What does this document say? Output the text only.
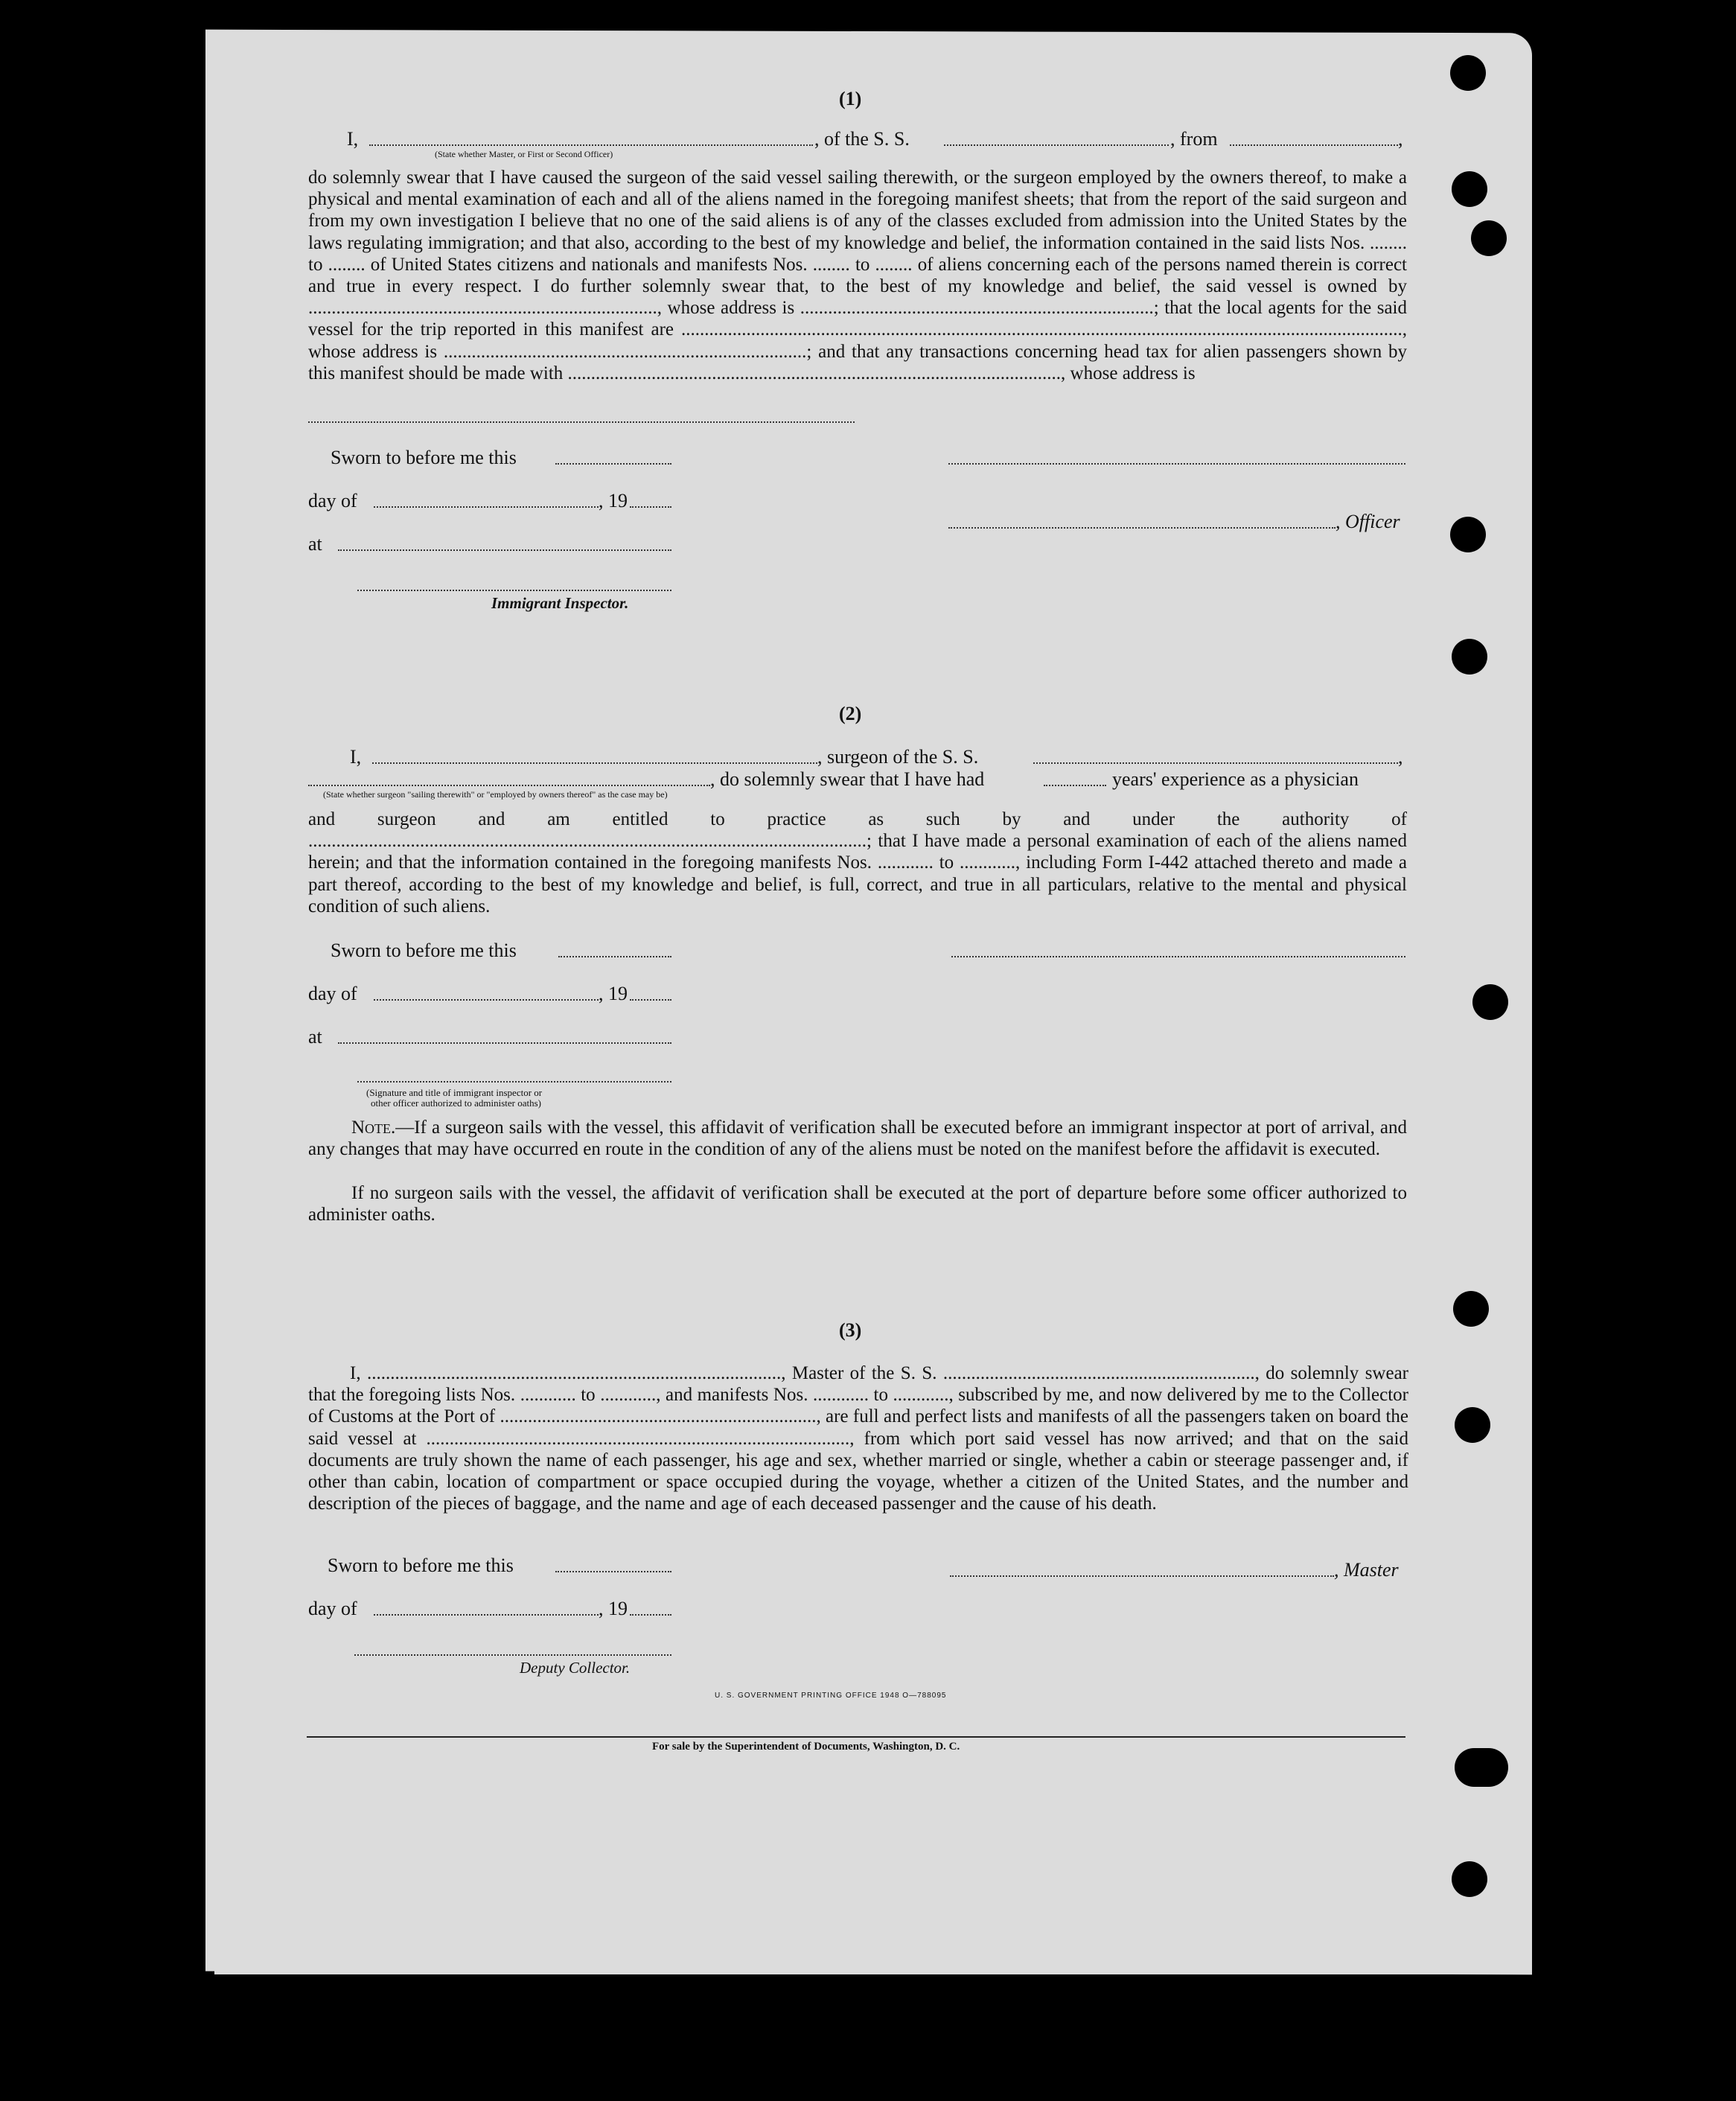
(1)
I,
(State whether Master, or First or Second Officer)
, of the S. S.	, from	,
do solemnly swear that I have caused the surgeon of the said vessel sailing therewith, or the surgeon employed by the owners thereof, to make a physical and mental examination of each and all of the aliens named in the foregoing manifest sheets; that from the report of the said surgeon and from my own investigation I believe that no one of the said aliens is of any of the classes excluded from admission into the United States by the laws regulating immigration; and that also, according to the best of my knowledge and belief, the information contained in the said lists Nos. ........ to ........ of United States citizens and nationals and manifests Nos. ........ to ........ of aliens concerning each of the persons named therein is correct and true in every respect. I do further solemnly swear that, to the best of my knowledge and belief, the said vessel is owned by ..........................................................................., whose address is ............................................................................; that the local agents for the said vessel for the trip reported in this manifest are ..........................................................................................................................................................., whose address is ..............................................................................; and that any transactions concerning head tax for alien passengers shown by this manifest should be made with .........................................................................................................., whose address is
Sworn to before me this
day of	, 19
, Officer
at
Immigrant Inspector.
(2)
I,	, surgeon of the S. S.	,
, do solemnly swear that I have had	years' experience as a physician
(State whether surgeon "sailing therewith" or "employed by owners thereof" as the case may be)
and surgeon and am entitled to practice as such by and under the authority of ........................................................................................................................; that I have made a personal examination of each of the aliens named herein; and that the information contained in the foregoing manifests Nos. ............ to ............, including Form I-442 attached thereto and made a part thereof, according to the best of my knowledge and belief, is full, correct, and true in all particulars, relative to the mental and physical condition of such aliens.
Sworn to before me this
day of	, 19
at
(Signature and title of immigrant inspector or
other officer authorized to administer oaths)
Note.—If a surgeon sails with the vessel, this affidavit of verification shall be executed before an immigrant inspector at port of arrival, and any changes that may have occurred en route in the condition of any of the aliens must be noted on the manifest before the affidavit is executed.
If no surgeon sails with the vessel, the affidavit of verification shall be executed at the port of departure before some officer authorized to administer oaths.
(3)
I, ........................................................................................., Master of the S. S. ..................................................................., do solemnly swear that the foregoing lists Nos. ............ to ............, and manifests Nos. ............ to ............, subscribed by me, and now delivered by me to the Collector of Customs at the Port of ...................................................................., are full and perfect lists and manifests of all the passengers taken on board the said vessel at ..........................................................................................., from which port said vessel has now arrived; and that on the said documents are truly shown the name of each passenger, his age and sex, whether married or single, whether a cabin or steerage passenger and, if other than cabin, location of compartment or space occupied during the voyage, whether a citizen of the United States, and the number and description of the pieces of baggage, and the name and age of each deceased passenger and the cause of his death.
Sworn to before me this	, Master
day of	, 19
Deputy Collector.
U. S. GOVERNMENT PRINTING OFFICE 1948 O—788095
For sale by the Superintendent of Documents, Washington, D. C.
